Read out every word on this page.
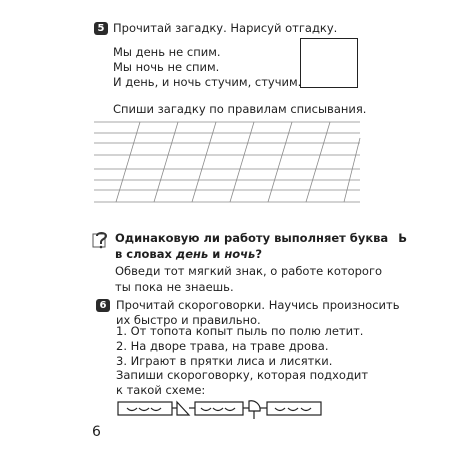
5 Прочитай загадку. Нарисуй отгадку.
Мы день не спим.
Мы ночь не спим.
И день, и ночь стучим, стучим.
Спиши загадку по правилам списывания.
Одинаковую ли работу выполняет буква Ь
в словах день и ночь?
Обведи тот мягкий знак, о работе которого
ты пока не знаешь.
6 Прочитай скороговорки. Научись произносить
их быстро и правильно.
1. От топота копыт пыль по полю летит.
2. На дворе трава, на траве дрова.
3. Играют в прятки лиса и лисятки.
Запиши скороговорку, которая подходит
к такой схеме:
6
